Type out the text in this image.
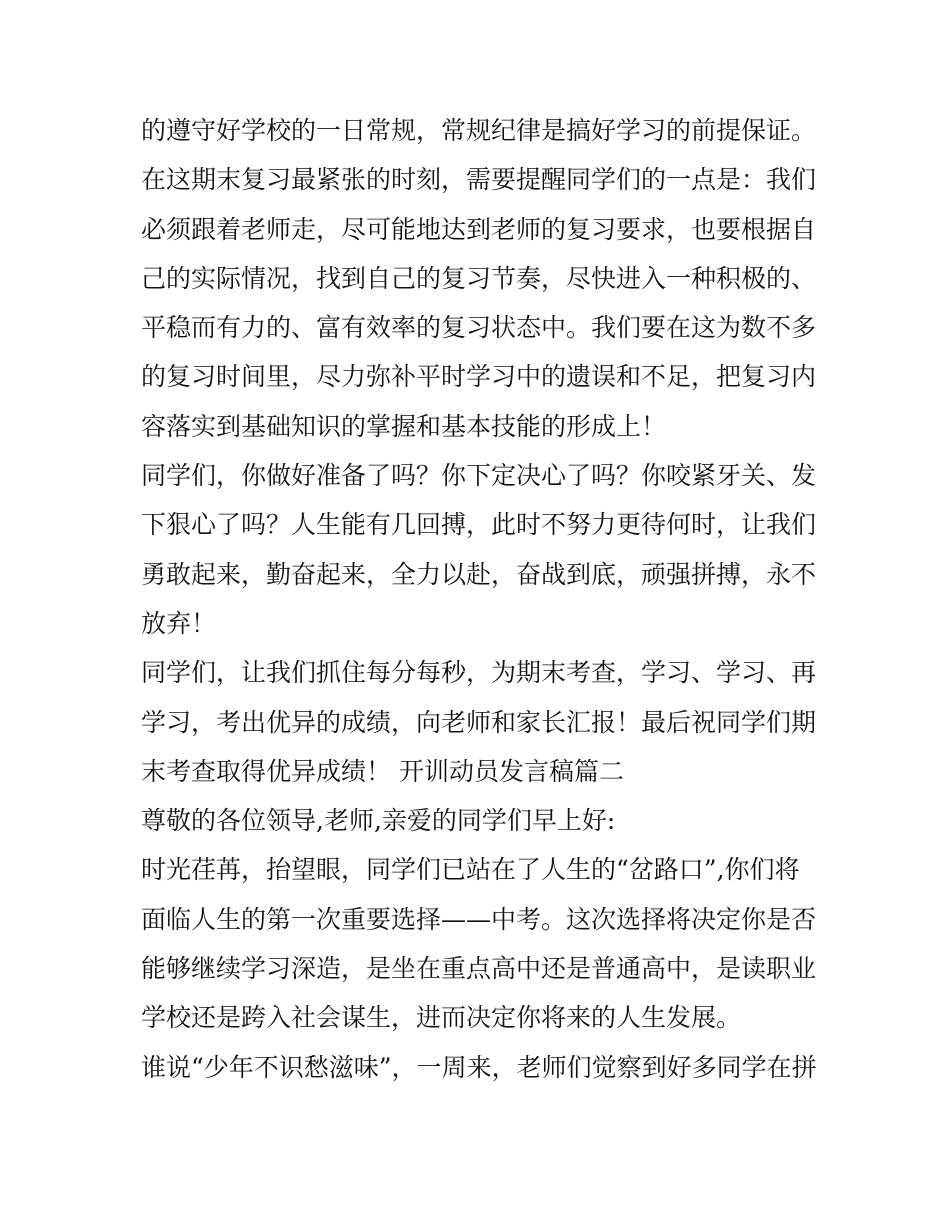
的遵守好学校的一日常规，常规纪律是搞好学习的前提保证。
在这期末复习最紧张的时刻，需要提醒同学们的一点是：我们
必须跟着老师走，尽可能地达到老师的复习要求，也要根据自
己的实际情况，找到自己的复习节奏，尽快进入一种积极的、
平稳而有力的、富有效率的复习状态中。我们要在这为数不多
的复习时间里，尽力弥补平时学习中的遗误和不足，把复习内
容落实到基础知识的掌握和基本技能的形成上！
同学们，你做好准备了吗？你下定决心了吗？你咬紧牙关、发
下狠心了吗？人生能有几回搏，此时不努力更待何时，让我们
勇敢起来，勤奋起来，全力以赴，奋战到底，顽强拼搏，永不
放弃！
同学们，让我们抓住每分每秒，为期末考查，学习、学习、再
学习，考出优异的成绩，向老师和家长汇报！最后祝同学们期
末考查取得优异成绩！ 开训动员发言稿篇二
尊敬的各位领导,老师,亲爱的同学们早上好:
时光荏苒，抬望眼，同学们已站在了人生的“岔路口”,你们将
面临人生的第一次重要选择——中考。这次选择将决定你是否
能够继续学习深造，是坐在重点高中还是普通高中，是读职业
学校还是跨入社会谋生，进而决定你将来的人生发展。
谁说“少年不识愁滋味”，一周来，老师们觉察到好多同学在拼
